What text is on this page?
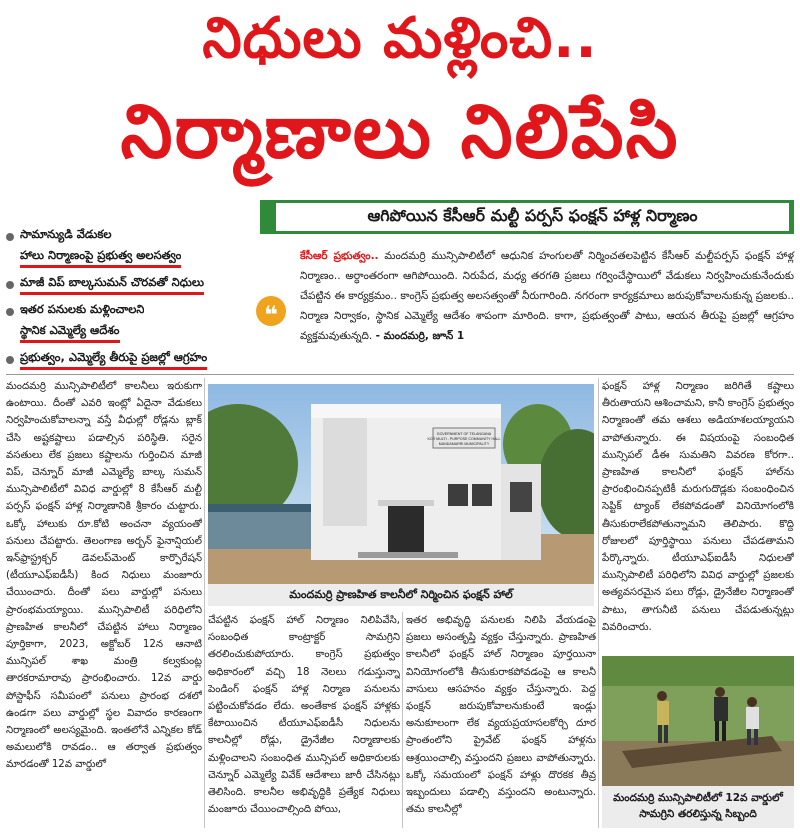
నిధులు మళ్లించి..
నిర్మాణాలు నిలిపేసి
ఆగిపోయిన కేసీఆర్ మల్టీ పర్పస్ ఫంక్షన్ హాళ్ల నిర్మాణం
సామాన్యుడి వేడుకల
హాలు నిర్మాణంపై ప్రభుత్వ అలసత్వం
మాజీ విప్ బాల్కసుమన్ చొరవతో నిధులు
ఇతర పనులకు మళ్లించాలని
స్థానిక ఎమ్మెల్యే ఆదేశం
ప్రభుత్వం, ఎమ్మెల్యే తీరుపై ప్రజల్లో ఆగ్రహం
❝
కేసీఆర్ ప్రభుత్వం.. మందమర్రి మున్సిపాలిటీలో ఆధునిక హంగులతో నిర్మించతలపెట్టిన కేసీఆర్ మల్టీపర్పస్ ఫంక్షన్ హాళ్ల నిర్మాణం.. అర్ధాంతరంగా ఆగిపోయింది. నిరుపేద, మధ్య తరగతి ప్రజలు గర్వించేస్థాయిలో వేడుకలు నిర్వహించుకునేందుకు చేపట్టిన ఈ కార్యక్రమం.. కాంగ్రెస్ ప్రభుత్వ అలసత్వంతో నీరుగారింది. నగరంగా కార్యక్రమాలు జరుపుకోవాలనుకున్న ప్రజలకు.. నిర్మాణ నిర్వాకం, స్థానిక ఎమ్మెల్యే ఆదేశం శాపంగా మారింది. కాగా, ప్రభుత్వంతో పాటు, ఆయన తీరుపై ప్రజల్లో ఆగ్రహం వ్యక్తమవుతున్నది. - మందమర్రి, జూన్ 1
మందమర్రి మున్సిపాలిటీలో కాలనీలు ఇరుకుగా ఉంటాయి. దీంతో ఎవరి ఇంట్లో ఏదైనా వేడుకలు నిర్వహించుకోవాలన్నా వస్తే వీధుల్లో రోడ్లను బ్లాక్ చేసి అష్టకష్టాలు పడాల్సిన పరిస్థితి. సరైన వసతులు లేక ప్రజలు కష్టాలను గుర్తించిన మాజీ విప్, చెన్నూర్ మాజీ ఎమ్మెల్యే బాల్క సుమన్ మున్సిపాలిటీలో వివిధ వార్డుల్లో 8 కేసీఆర్ మల్టీ పర్పస్ ఫంక్షన్ హాళ్ల నిర్మాణానికి శ్రీకారం చుట్టారు. ఒక్కో హాలుకు రూ.కోటి అంచనా వ్యయంతో పనులు చేపట్టారు. తెలంగాణ అర్బన్ ఫైనాన్షియల్ ఇన్‌ఫ్రాస్ట్రక్చర్ డెవలప్‌మెంట్ కార్పొరేషన్ (టీయూఎఫ్ఐడీసీ) కింద నిధులు మంజూరు చేయించారు. దీంతో పలు వార్డుల్లో పనులు ప్రారంభమయ్యాయి. మున్సిపాలిటీ పరిధిలోని ప్రాణహిత కాలనీలో చేపట్టిన హాలు నిర్మాణం పూర్తికాగా, 2023, అక్టోబర్ 12న ఆనాటి మున్సిపల్ శాఖ మంత్రి కల్వకుంట్ల తారకరామారావు ప్రారంభించారు. 12వ వార్డు పోస్టాఫీస్ సమీపంలో పనులు ప్రారంభ దశలో ఉండగా పలు వార్డుల్లో స్థల వివాదం కారణంగా నిర్మాణంలో అలస్యమైంది. ఇంతలోనే ఎన్నికల కోడ్ అమలులోకి రావడం.. ఆ తర్వాత ప్రభుత్వం మారడంతో 12వ వార్డులో
GOVERNMENT OF TELANGANA
KCR MULTI - PURPOSE COMMUNITY HALL
MANDAMARRI MUNICIPALITY
మందమర్రి ప్రాణహిత కాలనీలో నిర్మించిన ఫంక్షన్ హాల్
చేపట్టిన ఫంక్షన్ హాల్ నిర్మాణం నిలిపివేసి, సంబంధిత కాంట్రాక్టర్ సామగ్రిని తరలించుకుపోయారు. కాంగ్రెస్ ప్రభుత్వం అధికారంలో వచ్చి 18 నెలలు గడుస్తున్నా పెండింగ్ ఫంక్షన్ హాళ్ల నిర్మాణ పనులను పట్టించుకోవడం లేదు. అంతేకాక ఫంక్షన్ హాళ్లకు కేటాయించిన టీయూఎఫ్ఐడీసీ నిధులను కాలనీల్లో రోడ్లు, డ్రైనేజీల నిర్మాణాలకు మళ్లించాలని సంబంధిత మున్సిపల్ అధికారులకు చెన్నూర్ ఎమ్మెల్యే వివేక్ ఆదేశాలు జారీ చేసినట్లు తెలిసింది. కాలనీల అభివృద్ధికి ప్రత్యేక నిధులు మంజూరు చేయించాల్సింది పోయి,
ఇతర అభివృద్ధి పనులకు నిలిపి వేయడంపై ప్రజలు అసంతృప్తి వ్యక్తం చేస్తున్నారు. ప్రాణహిత కాలనీలో ఫంక్షన్ హాల్ నిర్మాణం పూర్తయినా వినియోగంలోకి తీసుకురాకపోవడంపై ఆ కాలనీ వాసులు ఆసహనం వ్యక్తం చేస్తున్నారు. పెద్ద ఫంక్షన్ జరుపుకోవాలనుకుంటే ఇండ్లు అనుకూలంగా లేక వ్యయప్రయాసలకోర్చి దూర ప్రాంతంలోని ప్రైవేట్ ఫంక్షన్ హాళ్లను ఆశ్రయించాల్సి వస్తుందని ప్రజలు వాపోతున్నారు. ఒక్కో సమయంలో ఫంక్షన్ హాళ్లు దొరకక తీవ్ర ఇబ్బందులు పడాల్సి వస్తుందని అంటున్నారు. తమ కాలనీల్లో
ఫంక్షన్ హాళ్ల నిర్మాణం జరిగితే కష్టాలు తీరుతాయని ఆశించామని, కానీ కాంగ్రెస్ ప్రభుత్వం నిర్మాణంతో తమ ఆశలు అడియాశలయ్యాయని వాపోతున్నారు. ఈ విషయంపై సంబంధిత మున్సిపల్ డీఈ సుమతిని వివరణ కోరగా.. ప్రాణహిత కాలనీలో ఫంక్షన్ హాల్‌ను ప్రారంభించినప్పటికీ మరుగుదొడ్లకు సంబంధించిన సెప్టిక్ ట్యాంక్ లేకపోవడంతో వినియోగంలోకి తీసుకురాలేకపోతున్నామని తెలిపారు. కొద్ది రోజులలో పూర్తిస్థాయి పనులు చేపడతామని పేర్కొన్నారు. టీయూఎఫ్ఐడీసీ నిధులతో మున్సిపాలిటీ పరిధిలోని వివిధ వార్డుల్లో ప్రజలకు అత్యవసరమైన పలు రోడ్లు, డ్రైనేజీల నిర్మాణంతో పాటు, తాగునీటి పనులు చేపడుతున్నట్లు వివరించారు.
మందమర్రి మున్సిపాలిటీలో 12వ వార్డులో
సామగ్రిని తరలిస్తున్న సిబ్బంది
